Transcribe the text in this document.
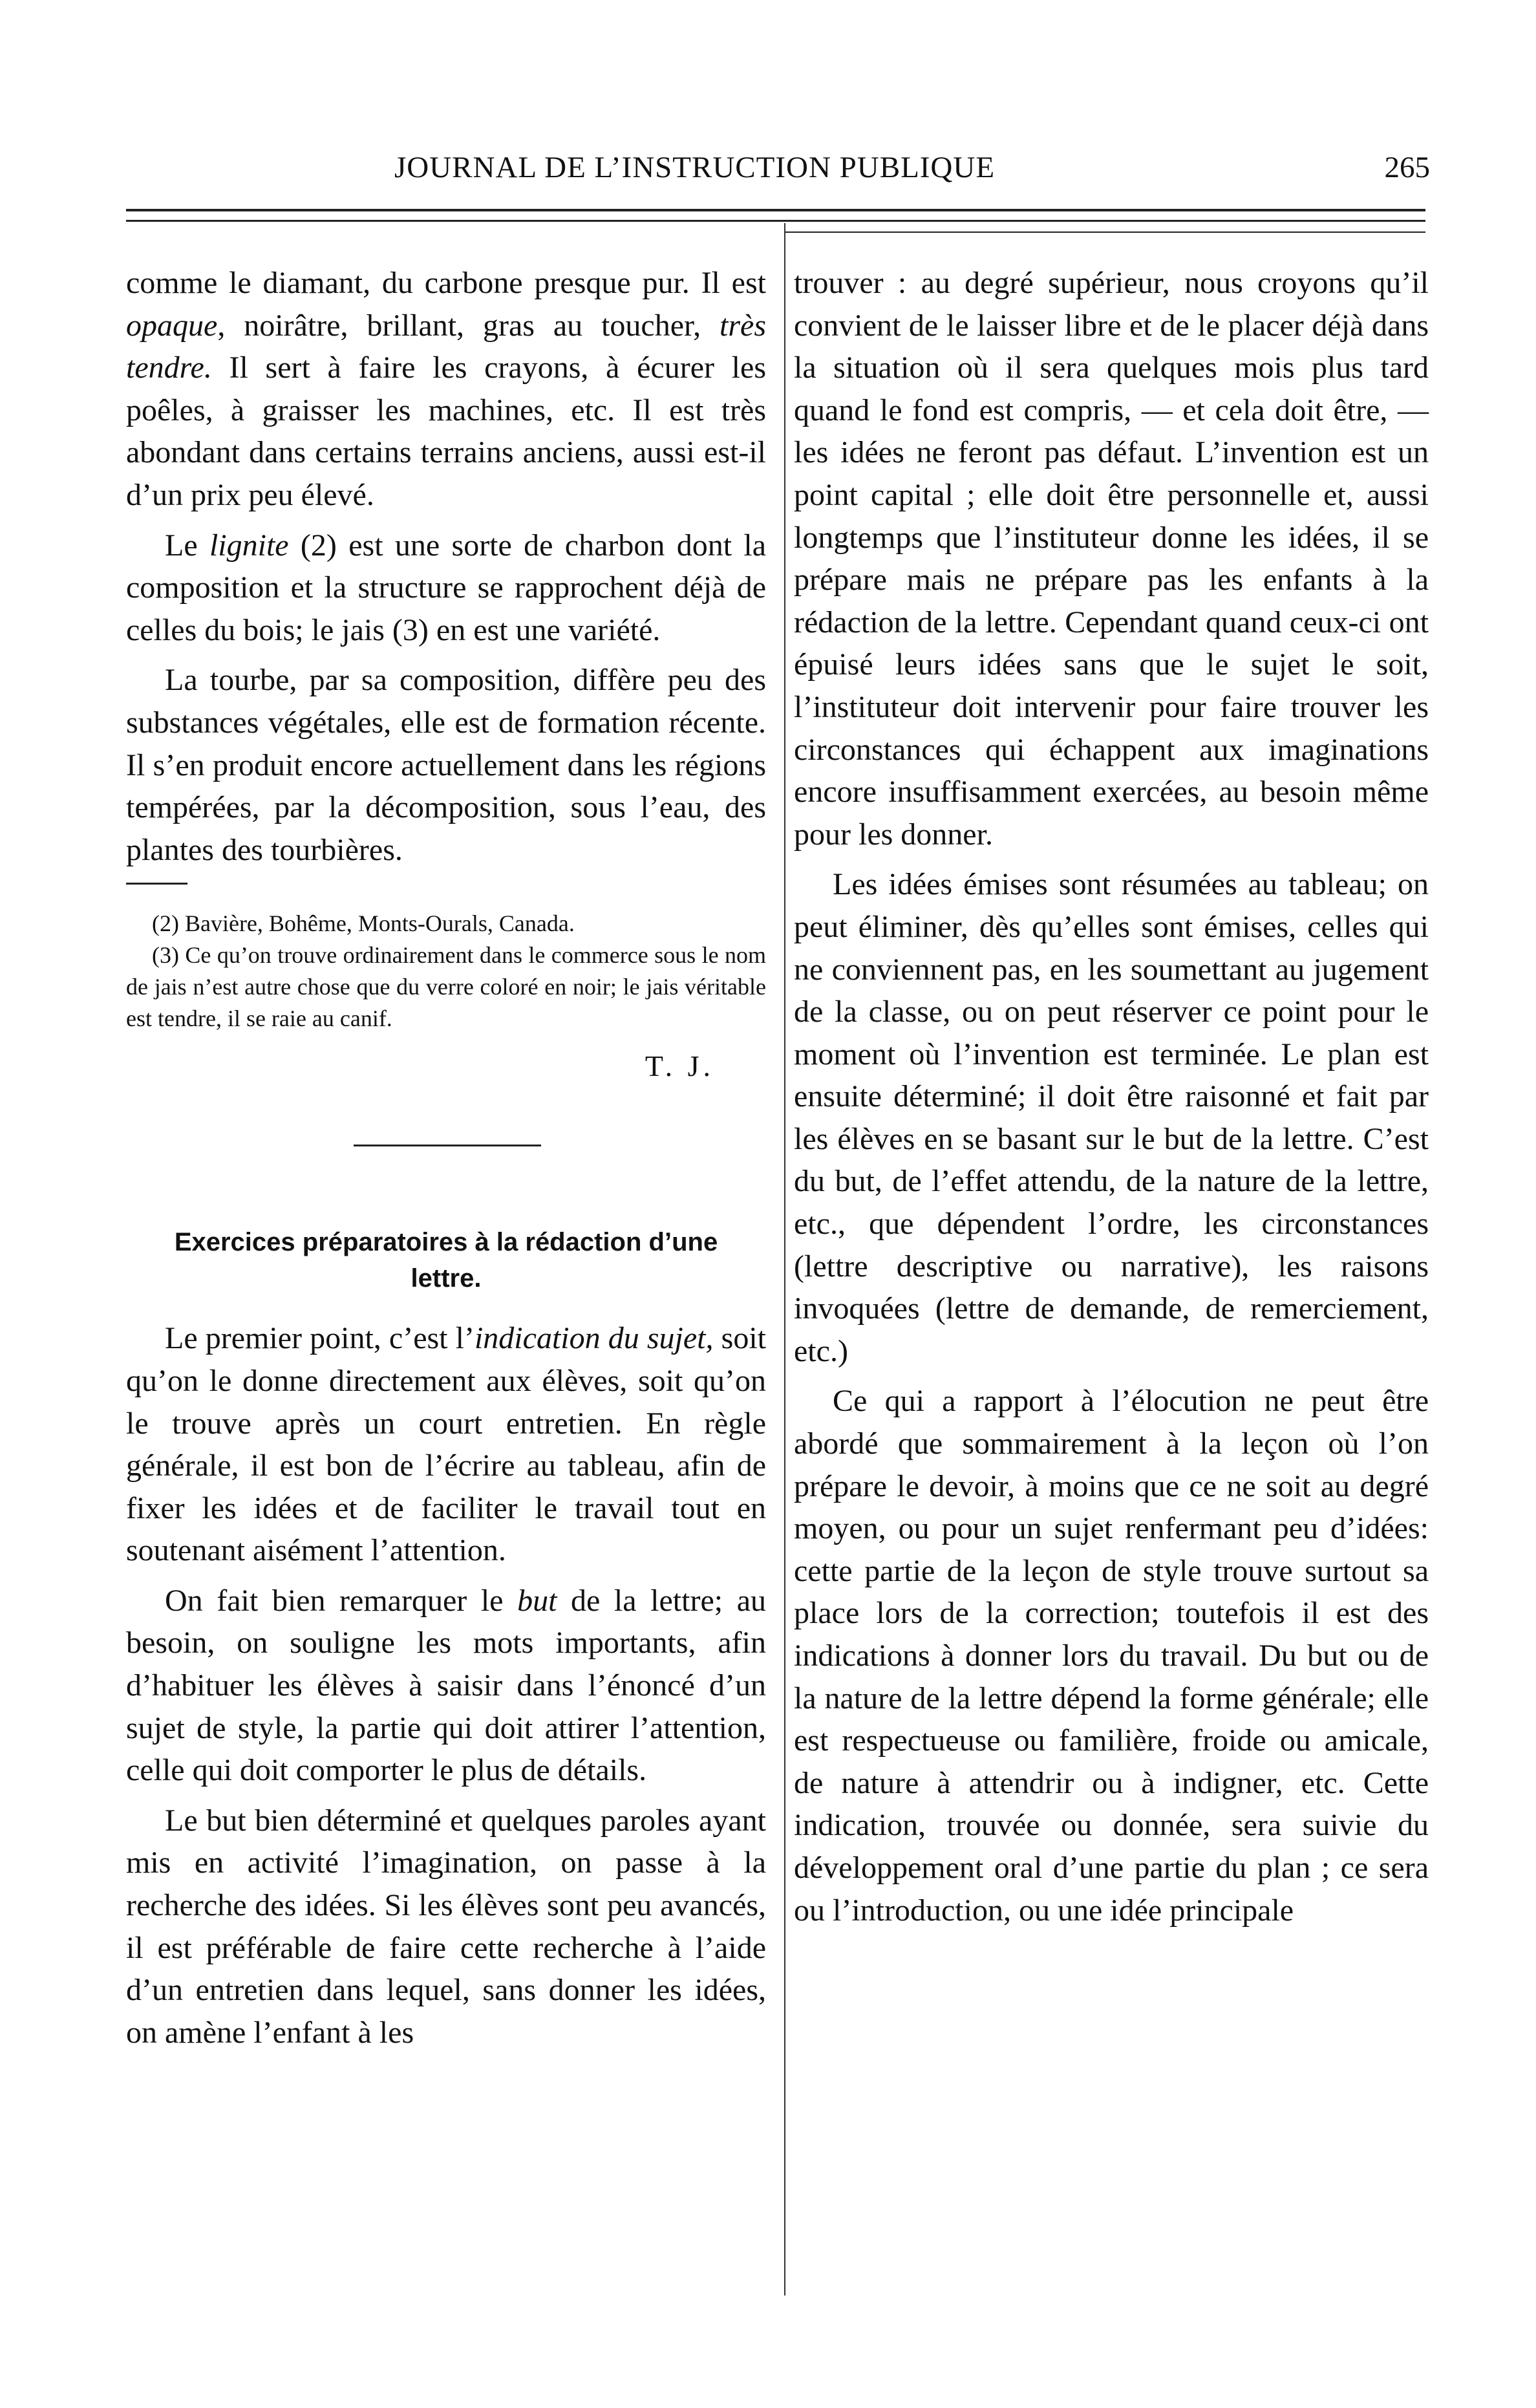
JOURNAL DE L’INSTRUCTION PUBLIQUE	265

comme le diamant, du carbone presque pur. Il est opaque, noirâtre, brillant, gras au toucher, très tendre. Il sert à faire les crayons, à écurer les poêles, à graisser les machines, etc. Il est très abondant dans certains terrains anciens, aussi est-il d’un prix peu élevé.

Le lignite (2) est une sorte de charbon dont la composition et la structure se rapprochent déjà de celles du bois; le jais (3) en est une variété.

La tourbe, par sa composition, diffère peu des substances végétales, elle est de formation récente. Il s’en produit encore actuellement dans les régions tempérées, par la décomposition, sous l’eau, des plantes des tourbières.

(2) Bavière, Bohême, Monts-Ourals, Canada.

(3) Ce qu’on trouve ordinairement dans le commerce sous le nom de jais n’est autre chose que du verre coloré en noir; le jais véritable est tendre, il se raie au canif.

T. J.
Exercices préparatoires à la rédaction d’une lettre.

Le premier point, c’est l’indication du sujet, soit qu’on le donne directement aux élèves, soit qu’on le trouve après un court entretien. En règle générale, il est bon de l’écrire au tableau, afin de fixer les idées et de faciliter le travail tout en soutenant aisément l’attention.

On fait bien remarquer le but de la lettre; au besoin, on souligne les mots importants, afin d’habituer les élèves à saisir dans l’énoncé d’un sujet de style, la partie qui doit attirer l’attention, celle qui doit comporter le plus de détails.

Le but bien déterminé et quelques paroles ayant mis en activité l’imagination, on passe à la recherche des idées. Si les élèves sont peu avancés, il est préférable de faire cette recherche à l’aide d’un entretien dans lequel, sans donner les idées, on amène l’enfant à les

trouver : au degré supérieur, nous croyons qu’il convient de le laisser libre et de le placer déjà dans la situation où il sera quelques mois plus tard quand le fond est compris, — et cela doit être, — les idées ne feront pas défaut. L’invention est un point capital ; elle doit être personnelle et, aussi longtemps que l’instituteur donne les idées, il se prépare mais ne prépare pas les enfants à la rédaction de la lettre. Cependant quand ceux-ci ont épuisé leurs idées sans que le sujet le soit, l’instituteur doit intervenir pour faire trouver les circonstances qui échappent aux imaginations encore insuffisamment exercées, au besoin même pour les donner.

Les idées émises sont résumées au tableau; on peut éliminer, dès qu’elles sont émises, celles qui ne conviennent pas, en les soumettant au jugement de la classe, ou on peut réserver ce point pour le moment où l’invention est terminée. Le plan est ensuite déterminé; il doit être raisonné et fait par les élèves en se basant sur le but de la lettre. C’est du but, de l’effet attendu, de la nature de la lettre, etc., que dépendent l’ordre, les circonstances (lettre descriptive ou narrative), les raisons invoquées (lettre de demande, de remerciement, etc.)

Ce qui a rapport à l’élocution ne peut être abordé que sommairement à la leçon où l’on prépare le devoir, à moins que ce ne soit au degré moyen, ou pour un sujet renfermant peu d’idées: cette partie de la leçon de style trouve surtout sa place lors de la correction; toutefois il est des indications à donner lors du travail. Du but ou de la nature de la lettre dépend la forme générale; elle est respectueuse ou familière, froide ou amicale, de nature à attendrir ou à indigner, etc. Cette indication, trouvée ou donnée, sera suivie du développement oral d’une partie du plan ; ce sera ou l’introduction, ou une idée principale
